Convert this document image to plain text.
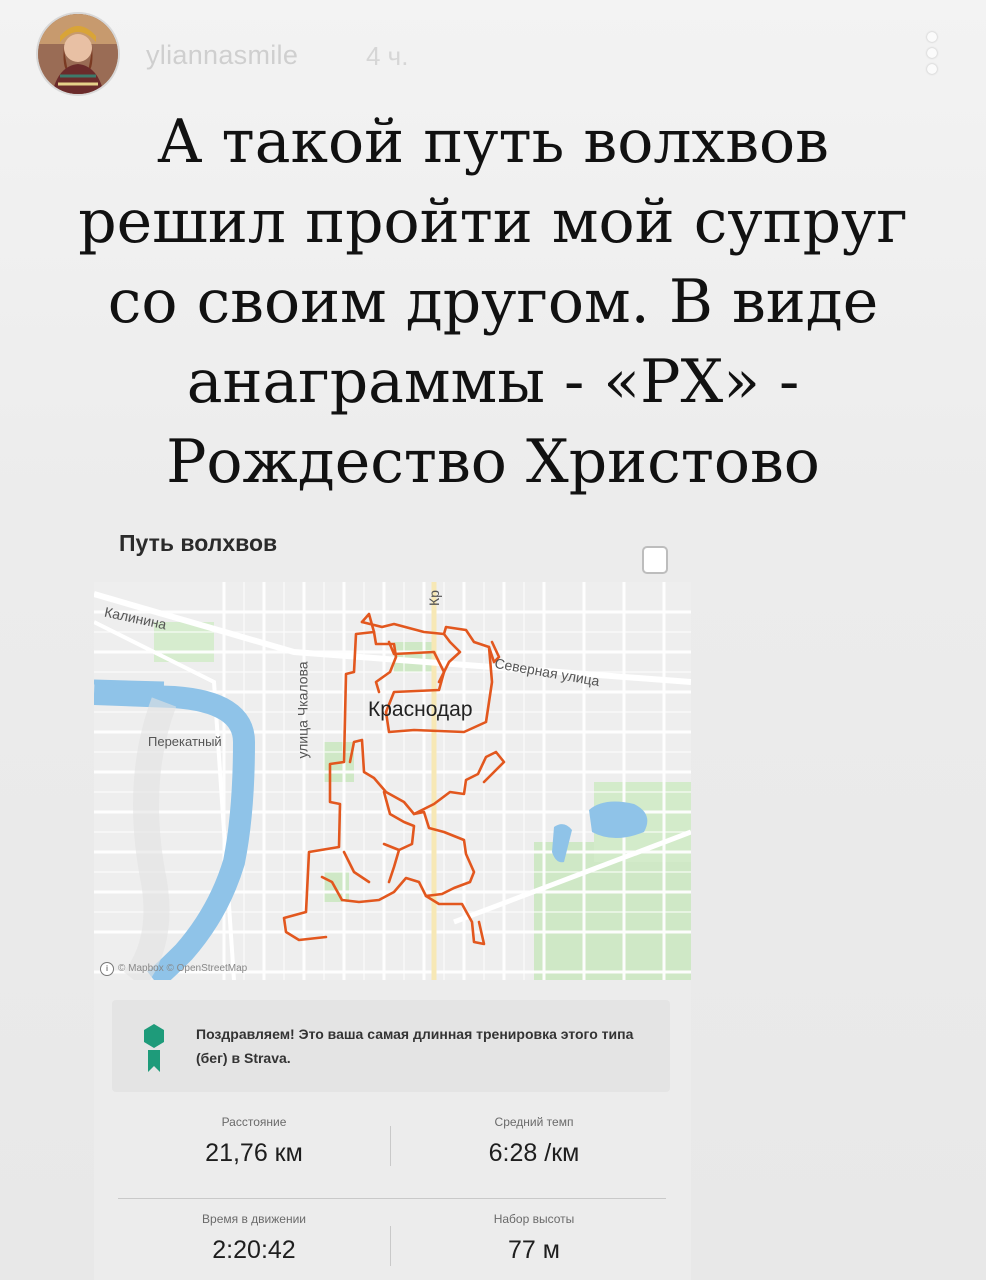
yliannasmile	4 ч.
А такой путь волхвов
решил пройти мой супруг
со своим другом. В виде
анаграммы - «РХ» -
Рождество Христово
Путь волхвов
Калинина
Северная улица
Краснодар
улица Чкалова
Перекатный
Кр
i © Mapbox © OpenStreetMap
Поздравляем! Это ваша самая длинная тренировка этого типа (бег) в Strava.
Расстояние
21,76 км
Средний темп
6:28 /км
Время в движении
2:20:42
Набор высоты
77 м
